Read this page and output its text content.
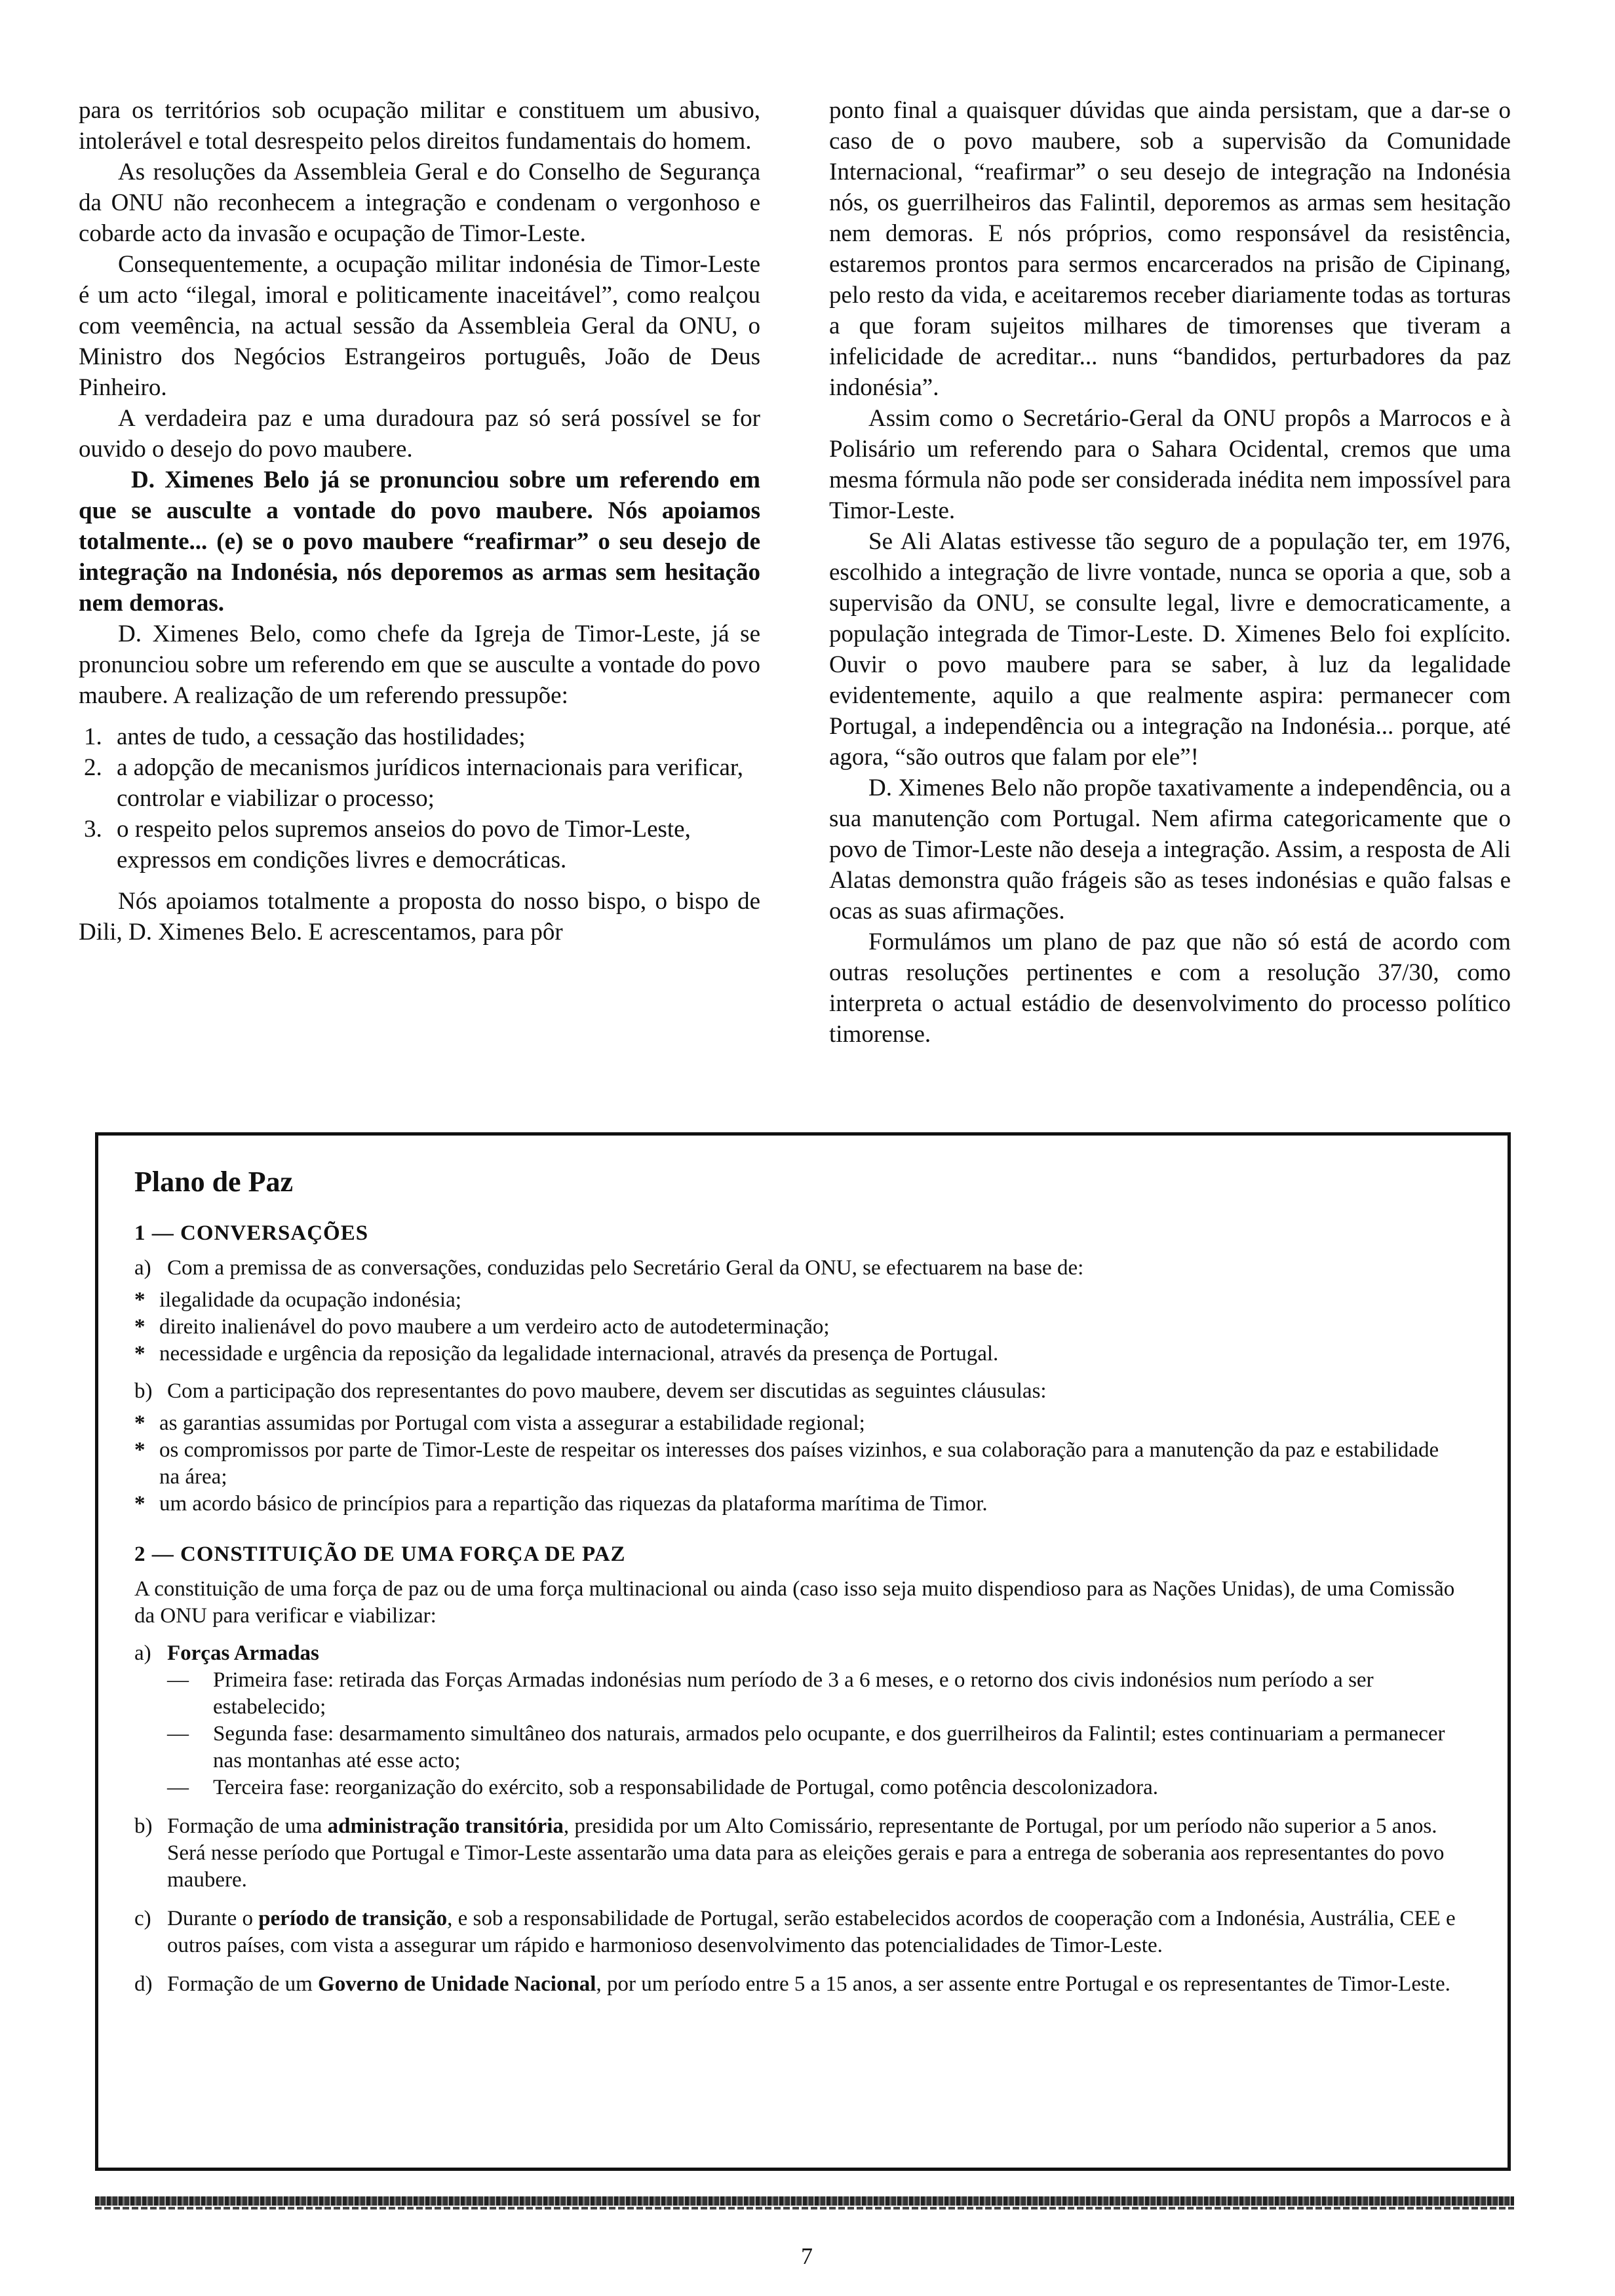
para os territórios sob ocupação militar e constituem um abusivo, intolerável e total desrespeito pelos direitos fundamentais do homem.

As resoluções da Assembleia Geral e do Conselho de Segurança da ONU não reconhecem a integração e condenam o vergonhoso e cobarde acto da invasão e ocupação de Timor-Leste.

Consequentemente, a ocupação militar indonésia de Timor-Leste é um acto “ilegal, imoral e politicamente inaceitável”, como realçou com veemência, na actual sessão da Assembleia Geral da ONU, o Ministro dos Negócios Estrangeiros português, João de Deus Pinheiro.

A verdadeira paz e uma duradoura paz só será possível se for ouvido o desejo do povo maubere.

D. Ximenes Belo já se pronunciou sobre um referendo em que se ausculte a vontade do povo maubere. Nós apoiamos totalmente... (e) se o povo maubere “reafirmar” o seu desejo de integração na Indonésia, nós deporemos as armas sem hesitação nem demoras.

D. Ximenes Belo, como chefe da Igreja de Timor-Leste, já se pronunciou sobre um referendo em que se ausculte a vontade do povo maubere. A realização de um referendo pressupõe:

1. antes de tudo, a cessação das hostilidades;
2. a adopção de mecanismos jurídicos internacionais para verificar, controlar e viabilizar o processo;
3. o respeito pelos supremos anseios do povo de Timor-Leste, expressos em condições livres e democráticas.

Nós apoiamos totalmente a proposta do nosso bispo, o bispo de Dili, D. Ximenes Belo. E acrescentamos, para pôr

ponto final a quaisquer dúvidas que ainda persistam, que a dar-se o caso de o povo maubere, sob a supervisão da Comunidade Internacional, “reafirmar” o seu desejo de integração na Indonésia nós, os guerrilheiros das Falintil, deporemos as armas sem hesitação nem demoras. E nós próprios, como responsável da resistência, estaremos prontos para sermos encarcerados na prisão de Cipinang, pelo resto da vida, e aceitaremos receber diariamente todas as torturas a que foram sujeitos milhares de timorenses que tiveram a infelicidade de acreditar... nuns “bandidos, perturbadores da paz indonésia”.

Assim como o Secretário-Geral da ONU propôs a Marrocos e à Polisário um referendo para o Sahara Ocidental, cremos que uma mesma fórmula não pode ser considerada inédita nem impossível para Timor-Leste.

Se Ali Alatas estivesse tão seguro de a população ter, em 1976, escolhido a integração de livre vontade, nunca se oporia a que, sob a supervisão da ONU, se consulte legal, livre e democraticamente, a população integrada de Timor-Leste. D. Ximenes Belo foi explícito. Ouvir o povo maubere para se saber, à luz da legalidade evidentemente, aquilo a que realmente aspira: permanecer com Portugal, a independência ou a integração na Indonésia... porque, até agora, “são outros que falam por ele”!

D. Ximenes Belo não propõe taxativamente a independência, ou a sua manutenção com Portugal. Nem afirma categoricamente que o povo de Timor-Leste não deseja a integração. Assim, a resposta de Ali Alatas demonstra quão frágeis são as teses indonésias e quão falsas e ocas as suas afirmações.

Formulámos um plano de paz que não só está de acordo com outras resoluções pertinentes e com a resolução 37/30, como interpreta o actual estádio de desenvolvimento do processo político timorense.

Plano de Paz
1 — CONVERSAÇÕES
a) Com a premissa de as conversações, conduzidas pelo Secretário Geral da ONU, se efectuarem na base de:

* ilegalidade da ocupação indonésia;
* direito inalienável do povo maubere a um verdeiro acto de autodeterminação;
* necessidade e urgência da reposição da legalidade internacional, através da presença de Portugal.
b) Com a participação dos representantes do povo maubere, devem ser discutidas as seguintes cláusulas:

* as garantias assumidas por Portugal com vista a assegurar a estabilidade regional;
* os compromissos por parte de Timor-Leste de respeitar os interesses dos países vizinhos, e sua colaboração para a manutenção da paz e estabilidade na área;
* um acordo básico de princípios para a repartição das riquezas da plataforma marítima de Timor.
2 — CONSTITUIÇÃO DE UMA FORÇA DE PAZ

A constituição de uma força de paz ou de uma força multinacional ou ainda (caso isso seja muito dispendioso para as Nações Unidas), de uma Comissão da ONU para verificar e viabilizar:

a) Forças Armadas

— Primeira fase: retirada das Forças Armadas indonésias num período de 3 a 6 meses, e o retorno dos civis indonésios num período a ser estabelecido;
— Segunda fase: desarmamento simultâneo dos naturais, armados pelo ocupante, e dos guerrilheiros da Falintil; estes continuariam a permanecer nas montanhas até esse acto;
— Terceira fase: reorganização do exército, sob a responsabilidade de Portugal, como potência descolonizadora.
b) Formação de uma administração transitória, presidida por um Alto Comissário, representante de Portugal, por um período não superior a 5 anos.

Será nesse período que Portugal e Timor-Leste assentarão uma data para as eleições gerais e para a entrega de soberania aos representantes do povo maubere.

c) Durante o período de transição, e sob a responsabilidade de Portugal, serão estabelecidos acordos de cooperação com a Indonésia, Austrália, CEE e outros países, com vista a assegurar um rápido e harmonioso desenvolvimento das potencialidades de Timor-Leste.

d) Formação de um Governo de Unidade Nacional, por um período entre 5 a 15 anos, a ser assente entre Portugal e os representantes de Timor-Leste.

7
